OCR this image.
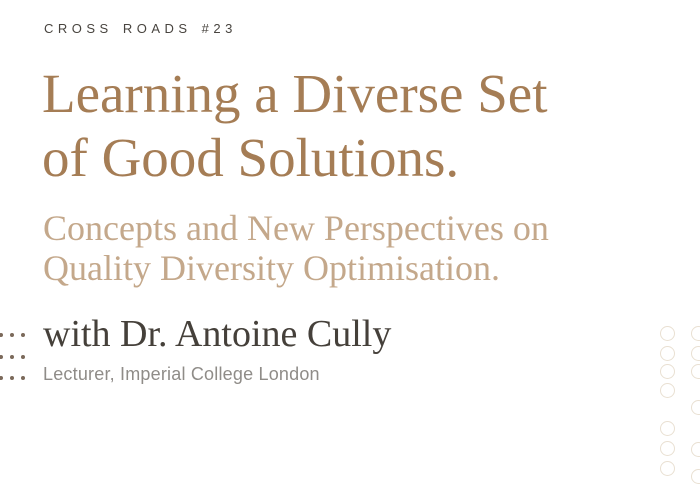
CROSS ROADS #23
Learning a Diverse Set
of Good Solutions.
Concepts and New Perspectives on
Quality Diversity Optimisation.
with Dr. Antoine Cully
Lecturer, Imperial College London
